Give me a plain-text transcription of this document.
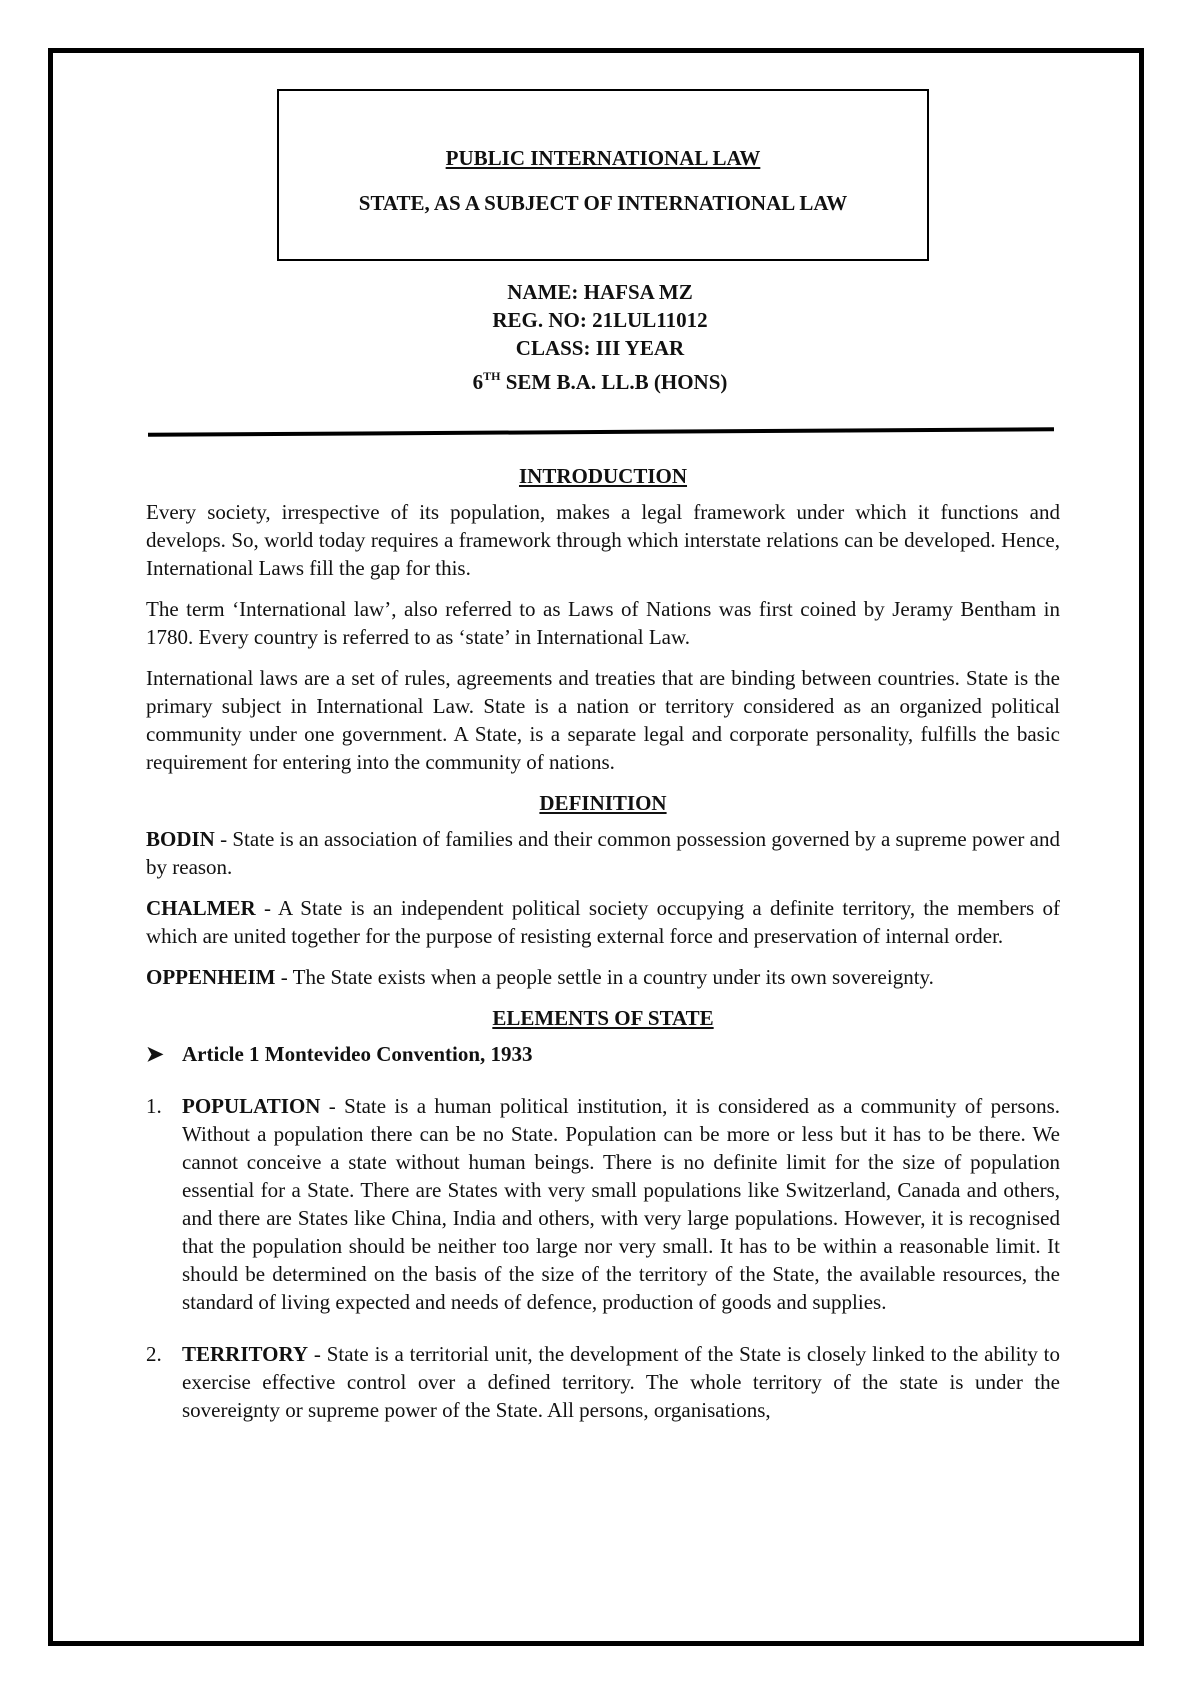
PUBLIC INTERNATIONAL LAW
STATE, AS A SUBJECT OF INTERNATIONAL LAW
NAME: HAFSA MZ
REG. NO: 21LUL11012
CLASS: III YEAR
6TH SEM B.A. LL.B (HONS)
INTRODUCTION

Every society, irrespective of its population, makes a legal framework under which it functions and develops. So, world today requires a framework through which interstate relations can be developed. Hence, International Laws fill the gap for this.

The term ‘International law’, also referred to as Laws of Nations was first coined by Jeramy Bentham in 1780. Every country is referred to as ‘state’ in International Law.

International laws are a set of rules, agreements and treaties that are binding between countries. State is the primary subject in International Law. State is a nation or territory considered as an organized political community under one government. A State, is a separate legal and corporate personality, fulfills the basic requirement for entering into the community of nations.

DEFINITION

BODIN - State is an association of families and their common possession governed by a supreme power and by reason.

CHALMER - A State is an independent political society occupying a definite territory, the members of which are united together for the purpose of resisting external force and preservation of internal order.

OPPENHEIM - The State exists when a people settle in a country under its own sovereignty.

ELEMENTS OF STATE
➤ Article 1 Montevideo Convention, 1933
1. POPULATION - State is a human political institution, it is considered as a community of persons. Without a population there can be no State. Population can be more or less but it has to be there. We cannot conceive a state without human beings. There is no definite limit for the size of population essential for a State. There are States with very small populations like Switzerland, Canada and others, and there are States like China, India and others, with very large populations. However, it is recognised that the population should be neither too large nor very small. It has to be within a reasonable limit. It should be determined on the basis of the size of the territory of the State, the available resources, the standard of living expected and needs of defence, production of goods and supplies.
2. TERRITORY - State is a territorial unit, the development of the State is closely linked to the ability to exercise effective control over a defined territory. The whole territory of the state is under the sovereignty or supreme power of the State. All persons, organisations,
